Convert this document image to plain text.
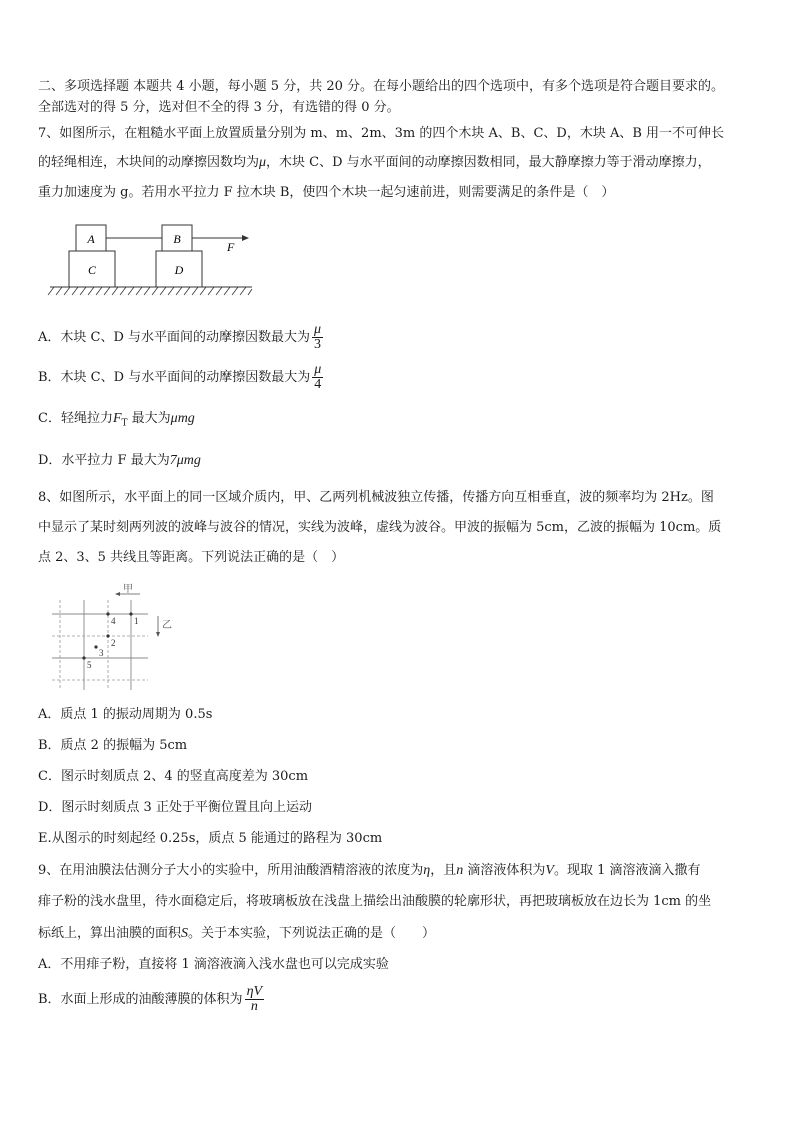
二、多项选择题 本题共 4 小题，每小题 5 分，共 20 分。在每小题给出的四个选项中，有多个选项是符合题目要求的。
全部选对的得 5 分，选对但不全的得 3 分，有选错的得 0 分。
7、如图所示，在粗糙水平面上放置质量分别为 m、m、2m、3m 的四个木块 A、B、C、D，木块 A、B 用一不可伸长
的轻绳相连，木块间的动摩擦因数均为μ，木块 C、D 与水平面间的动摩擦因数相同，最大静摩擦力等于滑动摩擦力，
重力加速度为 g。若用水平拉力 F 拉木块 B，使四个木块一起匀速前进，则需要满足的条件是（　）
A
C
B
D
F
A．木块 C、D 与水平面间的动摩擦因数最大为 $\frac{\mu}{3}$
B．木块 C、D 与水平面间的动摩擦因数最大为 $\frac{\mu}{4}$
C．轻绳拉力$F_T$ 最大为μmg
D．水平拉力 F 最大为7μmg
8、如图所示，水平面上的同一区域介质内，甲、乙两列机械波独立传播，传播方向互相垂直，波的频率均为 2Hz。图
中显示了某时刻两列波的波峰与波谷的情况，实线为波峰，虚线为波谷。甲波的振幅为 5cm，乙波的振幅为 10cm。质
点 2、3、5 共线且等距离。下列说法正确的是（　）
甲
乙
1
4
2
3
5
A．质点 1 的振动周期为 0.5s
B．质点 2 的振幅为 5cm
C．图示时刻质点 2、4 的竖直高度差为 30cm
D．图示时刻质点 3 正处于平衡位置且向上运动
E.从图示的时刻起经 0.25s，质点 5 能通过的路程为 30cm
9、在用油膜法估测分子大小的实验中，所用油酸酒精溶液的浓度为η，且n 滴溶液体积为V。现取 1 滴溶液滴入撒有
痱子粉的浅水盘里，待水面稳定后，将玻璃板放在浅盘上描绘出油酸膜的轮廓形状，再把玻璃板放在边长为 1cm 的坐
标纸上，算出油膜的面积S。关于本实验，下列说法正确的是（　　）
A．不用痱子粉，直接将 1 滴溶液滴入浅水盘也可以完成实验
B．水面上形成的油酸薄膜的体积为 $\frac{\eta V}{n}$
